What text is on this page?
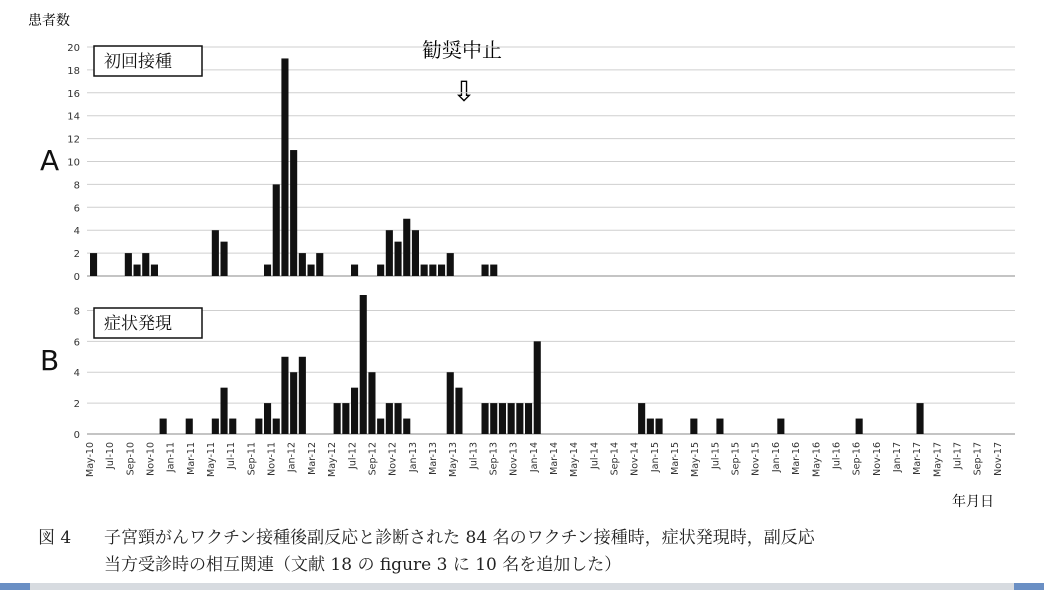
患者数
年月日
勧奨中止
⇩
0
2
4
6
8
10
12
14
16
18
20
A
初回接種
0
2
4
6
8
B
症状発現
May-10 Jul-10 Sep-10 Nov-10 Jan-11 Mar-11 May-11 Jul-11 Sep-11 Nov-11 Jan-12 Mar-12 May-12 Jul-12 Sep-12 Nov-12 Jan-13 Mar-13 May-13 Jul-13 Sep-13 Nov-13 Jan-14 Mar-14 May-14 Jul-14 Sep-14 Nov-14 Jan-15 Mar-15 May-15 Jul-15 Sep-15 Nov-15 Jan-16 Mar-16 May-16 Jul-16 Sep-16 Nov-16 Jan-17 Mar-17 May-17 Jul-17 Sep-17 Nov-17
図 4 子宮頸がんワクチン接種後副反応と診断された 84 名のワクチン接種時，症状発現時，副反応
当方受診時の相互関連（文献 18 の figure 3 に 10 名を追加した）
